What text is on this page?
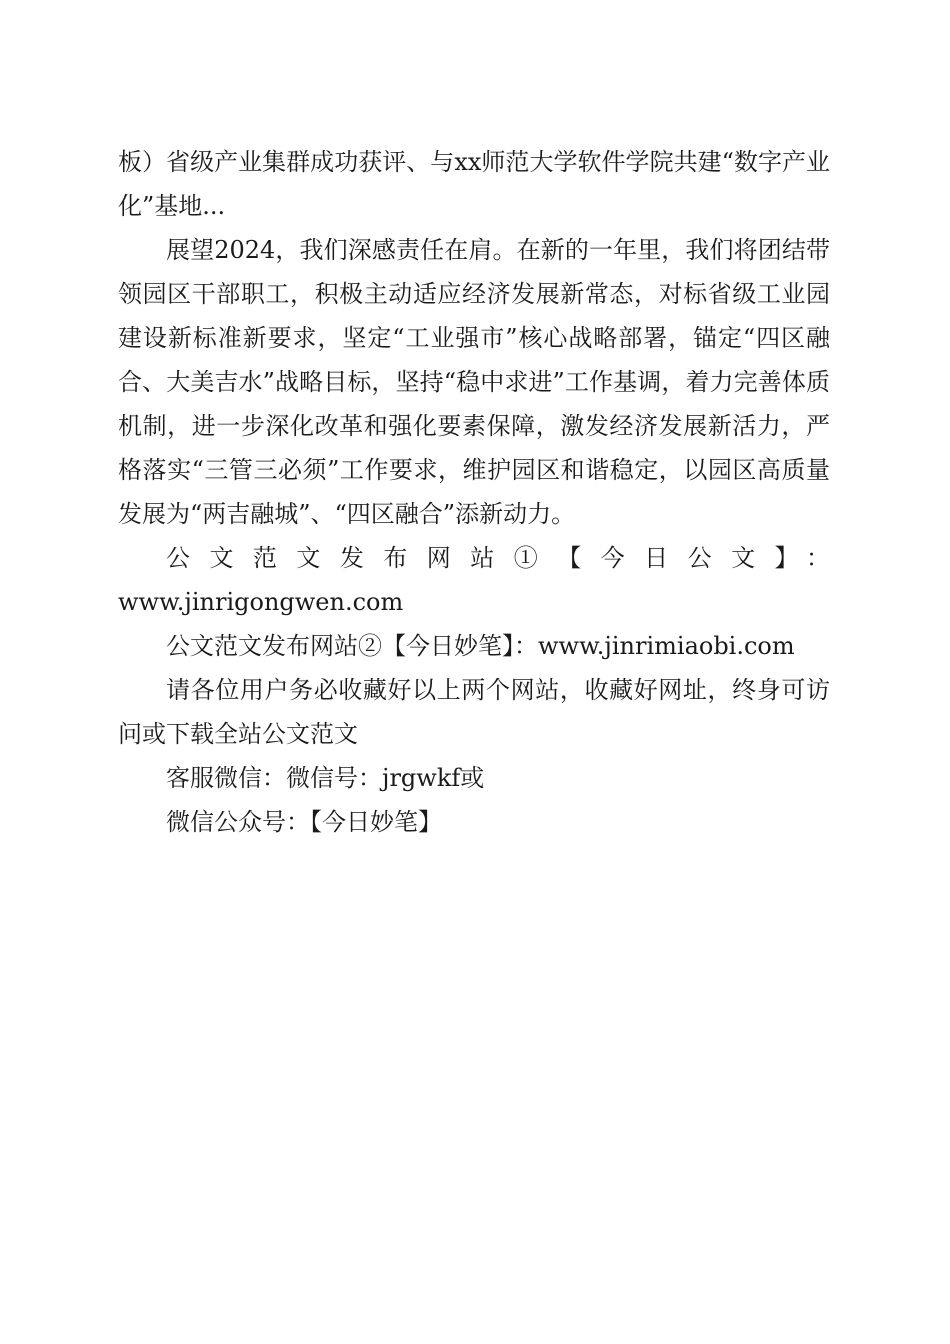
板）省级产业集群成功获评、与xx师范大学软件学院共建“数字产业化”基地...

展望2024，我们深感责任在肩。在新的一年里，我们将团结带领园区干部职工，积极主动适应经济发展新常态，对标省级工业园建设新标准新要求，坚定“工业强市”核心战略部署，锚定“四区融合、大美吉水”战略目标，坚持“稳中求进”工作基调，着力完善体质机制，进一步深化改革和强化要素保障，激发经济发展新活力，严格落实“三管三必须”工作要求，维护园区和谐稳定，以园区高质量发展为“两吉融城”、“四区融合”添新动力。

公文范文发布网站①【今日公文】：

www.jinrigongwen.com

公文范文发布网站②【今日妙笔】：www.jinrimiaobi.com

请各位用户务必收藏好以上两个网站，收藏好网址，终身可访问或下载全站公文范文

客服微信：微信号：jrgwkf或

微信公众号：【今日妙笔】
